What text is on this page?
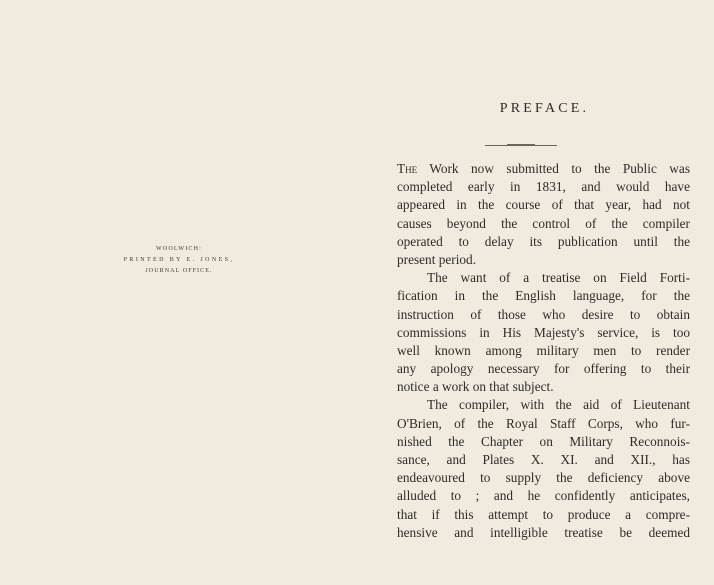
WOOLWICH:
PRINTED BY E. JONES,
JOURNAL OFFICE.
PREFACE.
The Work now submitted to the Public was
completed early in 1831, and would have
appeared in the course of that year, had not
causes beyond the control of the compiler
operated to delay its publication until the
present period.
The want of a treatise on Field Forti-
fication in the English language, for the
instruction of those who desire to obtain
commissions in His Majesty's service, is too
well known among military men to render
any apology necessary for offering to their
notice a work on that subject.
The compiler, with the aid of Lieutenant
O'Brien, of the Royal Staff Corps, who fur-
nished the Chapter on Military Reconnois-
sance, and Plates X. XI. and XII., has
endeavoured to supply the deficiency above
alluded to ; and he confidently anticipates,
that if this attempt to produce a compre-
hensive and intelligible treatise be deemed
